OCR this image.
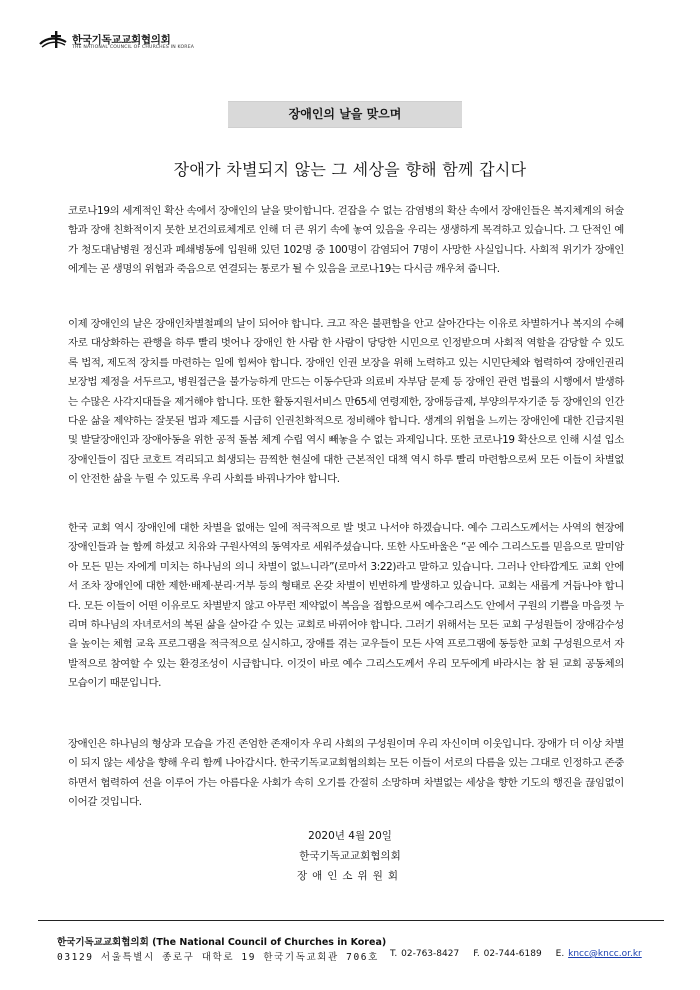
한국기독교교회협의회
THE NATIONAL COUNCIL OF CHURCHES IN KOREA
장애인의 날을 맞으며
장애가 차별되지 않는 그 세상을 향해 함께 갑시다

코로나19의 세계적인 확산 속에서 장애인의 날을 맞이합니다. 걷잡을 수 없는 감염병의 확산 속에서 장애인들은 복지체계의 허술함과 장애 친화적이지 못한 보건의료체계로 인해 더 큰 위기 속에 놓여 있음을 우리는 생생하게 목격하고 있습니다. 그 단적인 예가 청도대남병원 정신과 폐쇄병동에 입원해 있던 102명 중 100명이 감염되어 7명이 사망한 사실입니다. 사회적 위기가 장애인에게는 곧 생명의 위협과 죽음으로 연결되는 통로가 될 수 있음을 코로나19는 다시금 깨우쳐 줍니다.

이제 장애인의 날은 장애인차별철폐의 날이 되어야 합니다. 크고 작은 불편함을 안고 살아간다는 이유로 차별하거나 복지의 수혜자로 대상화하는 관행을 하루 빨리 벗어나 장애인 한 사람 한 사람이 당당한 시민으로 인정받으며 사회적 역할을 감당할 수 있도록 법적, 제도적 장치를 마련하는 일에 힘써야 합니다. 장애인 인권 보장을 위해 노력하고 있는 시민단체와 협력하여 장애인권리보장법 제정을 서두르고, 병원접근을 불가능하게 만드는 이동수단과 의료비 자부담 문제 등 장애인 관련 법률의 시행에서 발생하는 수많은 사각지대들을 제거해야 합니다. 또한 활동지원서비스 만65세 연령제한, 장애등급제, 부양의무자기준 등 장애인의 인간다운 삶을 제약하는 잘못된 법과 제도를 시급히 인권친화적으로 정비해야 합니다. 생계의 위협을 느끼는 장애인에 대한 긴급지원 및 발달장애인과 장애아동을 위한 공적 돌봄 체계 수립 역시 빼놓을 수 없는 과제입니다. 또한 코로나19 확산으로 인해 시설 입소 장애인들이 집단 코호트 격리되고 희생되는 끔찍한 현실에 대한 근본적인 대책 역시 하루 빨리 마련함으로써 모든 이들이 차별없이 안전한 삶을 누릴 수 있도록 우리 사회를 바꿔나가야 합니다.

한국 교회 역시 장애인에 대한 차별을 없애는 일에 적극적으로 발 벗고 나서야 하겠습니다. 예수 그리스도께서는 사역의 현장에 장애인들과 늘 함께 하셨고 치유와 구원사역의 동역자로 세워주셨습니다. 또한 사도바울은 “곧 예수 그리스도를 믿음으로 말미암아 모든 믿는 자에게 미치는 하나님의 의니 차별이 없느니라”(로마서 3:22)라고 말하고 있습니다. 그러나 안타깝게도 교회 안에서 조차 장애인에 대한 제한·배제·분리·거부 등의 형태로 온갖 차별이 빈번하게 발생하고 있습니다. 교회는 새롭게 거듭나야 합니다. 모든 이들이 어떤 이유로도 차별받지 않고 아무런 제약없이 복음을 접함으로써 예수그리스도 안에서 구원의 기쁨을 마음껏 누리며 하나님의 자녀로서의 복된 삶을 살아갈 수 있는 교회로 바뀌어야 합니다. 그러기 위해서는 모든 교회 구성원들이 장애감수성을 높이는 체험 교육 프로그램을 적극적으로 실시하고, 장애를 겪는 교우들이 모든 사역 프로그램에 동등한 교회 구성원으로서 자발적으로 참여할 수 있는 환경조성이 시급합니다. 이것이 바로 예수 그리스도께서 우리 모두에게 바라시는 참 된 교회 공동체의 모습이기 때문입니다.

장애인은 하나님의 형상과 모습을 가진 존엄한 존재이자 우리 사회의 구성원이며 우리 자신이며 이웃입니다. 장애가 더 이상 차별이 되지 않는 세상을 향해 우리 함께 나아갑시다. 한국기독교교회협의회는 모든 이들이 서로의 다름을 있는 그대로 인정하고 존중하면서 협력하여 선을 이루어 가는 아름다운 사회가 속히 오기를 간절히 소망하며 차별없는 세상을 향한 기도의 행진을 끊임없이 이어갈 것입니다.

2020년 4월 20일
한국기독교교회협의회
장애인소위원회
한국기독교교회협의회 (The National Council of Churches in Korea)
03129 서울특별시 종로구 대학로 19 한국기독교회관 706호 T. 02-763-8427 F. 02-744-6189 E. kncc@kncc.or.kr
